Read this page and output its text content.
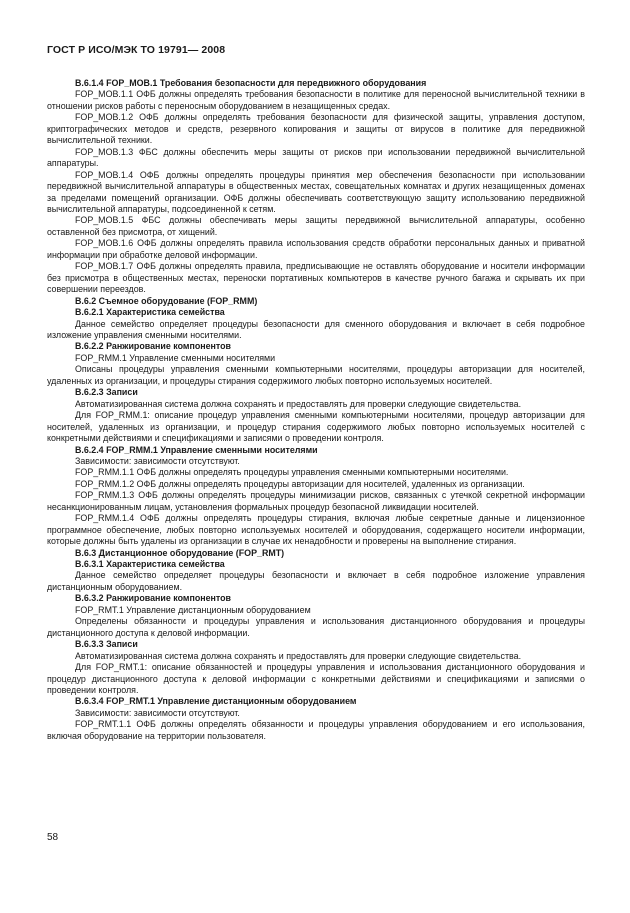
ГОСТ Р ИСО/МЭК ТО 19791— 2008

В.6.1.4 FOP_MOB.1 Требования безопасности для передвижного оборудования

FOP_MOB.1.1 ОФБ должны определять требования безопасности в политике для переносной вычислительной техники в отношении рисков работы с переносным оборудованием в незащищенных средах.

FOP_MOB.1.2 ОФБ должны определять требования безопасности для физической защиты, управления доступом, криптографических методов и средств, резервного копирования и защиты от вирусов в политике для передвижной вычислительной техники.

FOP_MOB.1.3 ФБС должны обеспечить меры защиты от рисков при использовании передвижной вычислительной аппаратуры.

FOP_MOB.1.4 ОФБ должны определять процедуры принятия мер обеспечения безопасности при использовании передвижной вычислительной аппаратуры в общественных местах, совещательных комнатах и других незащищенных доменах за пределами помещений организации. ОФБ должны обеспечивать соответствующую защиту использованию передвижной вычислительной аппаратуры, подсоединенной к сетям.

FOP_MOB.1.5 ФБС должны обеспечивать меры защиты передвижной вычислительной аппаратуры, особенно оставленной без присмотра, от хищений.

FOP_MOB.1.6 ОФБ должны определять правила использования средств обработки персональных данных и приватной информации при обработке деловой информации.

FOP_MOB.1.7 ОФБ должны определять правила, предписывающие не оставлять оборудование и носители информации без присмотра в общественных местах, переноски портативных компьютеров в качестве ручного багажа и скрывать их при совершении переездов.

В.6.2 Съемное оборудование (FOP_RMM)

В.6.2.1 Характеристика семейства

Данное семейство определяет процедуры безопасности для сменного оборудования и включает в себя подробное изложение управления сменными носителями.

В.6.2.2 Ранжирование компонентов

FOP_RMM.1 Управление сменными носителями

Описаны процедуры управления сменными компьютерными носителями, процедуры авторизации для носителей, удаленных из организации, и процедуры стирания содержимого любых повторно используемых носителей.

В.6.2.3 Записи

Автоматизированная система должна сохранять и предоставлять для проверки следующие свидетельства.

Для FOP_RMM.1: описание процедур управления сменными компьютерными носителями, процедур авторизации для носителей, удаленных из организации, и процедур стирания содержимого любых повторно используемых носителей с конкретными действиями и спецификациями и записями о проведении контроля.

В.6.2.4 FOP_RMM.1 Управление сменными носителями

Зависимости: зависимости отсутствуют.

FOP_RMM.1.1 ОФБ должны определять процедуры управления сменными компьютерными носителями.

FOP_RMM.1.2 ОФБ должны определять процедуры авторизации для носителей, удаленных из организации.

FOP_RMM.1.3 ОФБ должны определять процедуры минимизации рисков, связанных с утечкой секретной информации несанкционированным лицам, установления формальных процедур безопасной ликвидации носителей.

FOP_RMM.1.4 ОФБ должны определять процедуры стирания, включая любые секретные данные и лицензионное программное обеспечение, любых повторно используемых носителей и оборудования, содержащего носители информации, которые должны быть удалены из организации в случае их ненадобности и проверены на выполнение стирания.

В.6.3 Дистанционное оборудование (FOP_RMT)

В.6.3.1 Характеристика семейства

Данное семейство определяет процедуры безопасности и включает в себя подробное изложение управления дистанционным оборудованием.

В.6.3.2 Ранжирование компонентов

FOP_RMT.1 Управление дистанционным оборудованием

Определены обязанности и процедуры управления и использования дистанционного оборудования и процедуры дистанционного доступа к деловой информации.

В.6.3.3 Записи

Автоматизированная система должна сохранять и предоставлять для проверки следующие свидетельства.

Для FOP_RMT.1: описание обязанностей и процедуры управления и использования дистанционного оборудования и процедур дистанционного доступа к деловой информации с конкретными действиями и спецификациями и записями о проведении контроля.

В.6.3.4 FOP_RMT.1 Управление дистанционным оборудованием

Зависимости: зависимости отсутствуют.

FOP_RMT.1.1 ОФБ должны определять обязанности и процедуры управления оборудованием и его использования, включая оборудование на территории пользователя.

58
